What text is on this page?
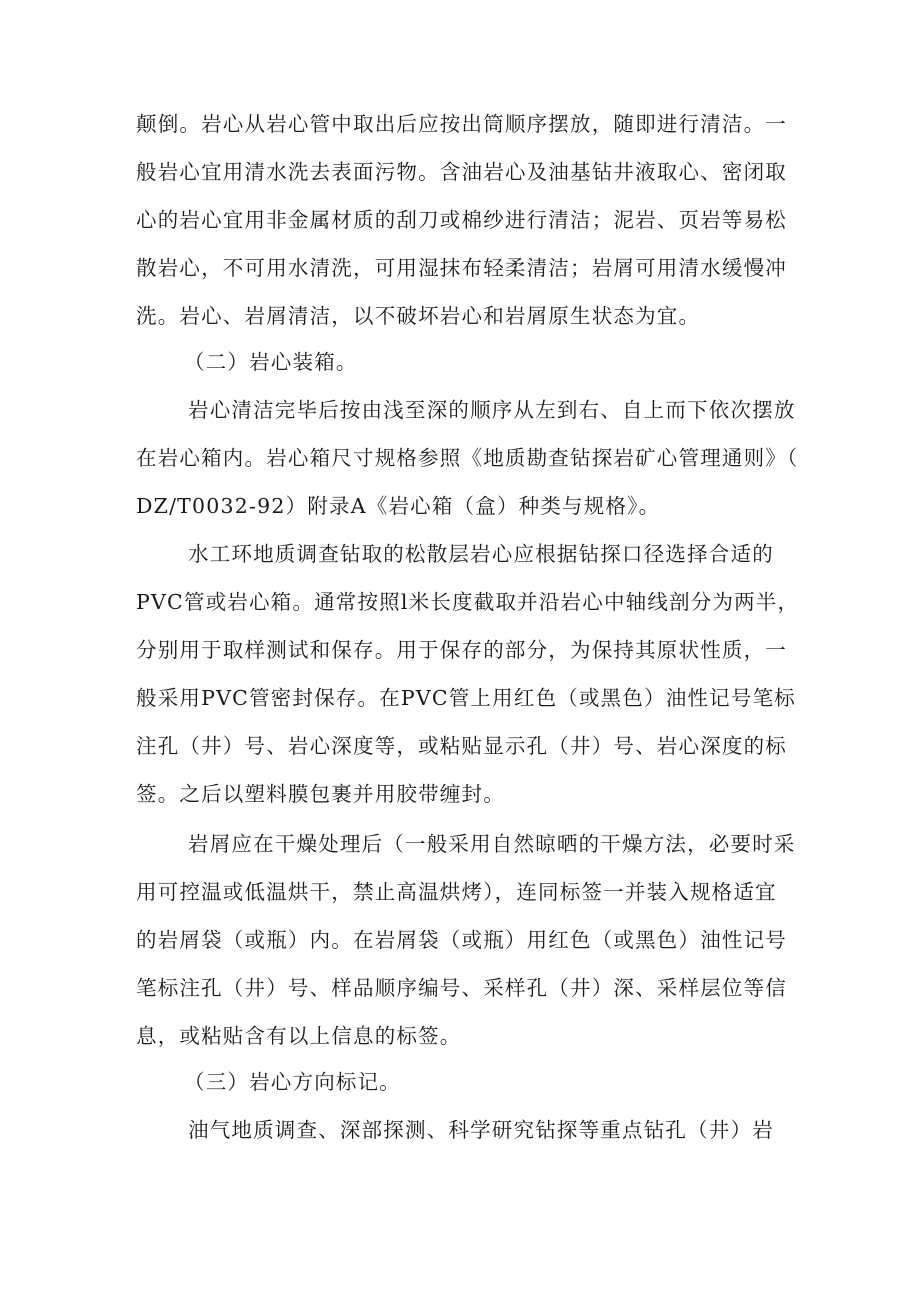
颠倒。岩心从岩心管中取出后应按出筒顺序摆放，随即进行清洁。一
般岩心宜用清水洗去表面污物。含油岩心及油基钻井液取心、密闭取
心的岩心宜用非金属材质的刮刀或棉纱进行清洁；泥岩、页岩等易松
散岩心，不可用水清洗，可用湿抹布轻柔清洁；岩屑可用清水缓慢冲
洗。岩心、岩屑清洁，以不破坏岩心和岩屑原生状态为宜。
（二）岩心装箱。
岩心清洁完毕后按由浅至深的顺序从左到右、自上而下依次摆放
在岩心箱内。岩心箱尺寸规格参照《地质勘查钻探岩矿心管理通则》（
DZ/T0032-92）附录A《岩心箱（盒）种类与规格》。
水工环地质调查钻取的松散层岩心应根据钻探口径选择合适的
PVC管或岩心箱。通常按照l米长度截取并沿岩心中轴线剖分为两半，
分别用于取样测试和保存。用于保存的部分，为保持其原状性质，一
般采用PVC管密封保存。在PVC管上用红色（或黑色）油性记号笔标
注孔（井）号、岩心深度等，或粘贴显示孔（井）号、岩心深度的标
签。之后以塑料膜包裹并用胶带缠封。
岩屑应在干燥处理后（一般采用自然晾晒的干燥方法，必要时采
用可控温或低温烘干，禁止高温烘烤），连同标签一并装入规格适宜
的岩屑袋（或瓶）内。在岩屑袋（或瓶）用红色（或黑色）油性记号
笔标注孔（井）号、样品顺序编号、采样孔（井）深、采样层位等信
息，或粘贴含有以上信息的标签。
（三）岩心方向标记。
油气地质调查、深部探测、科学研究钻探等重点钻孔（井）岩
